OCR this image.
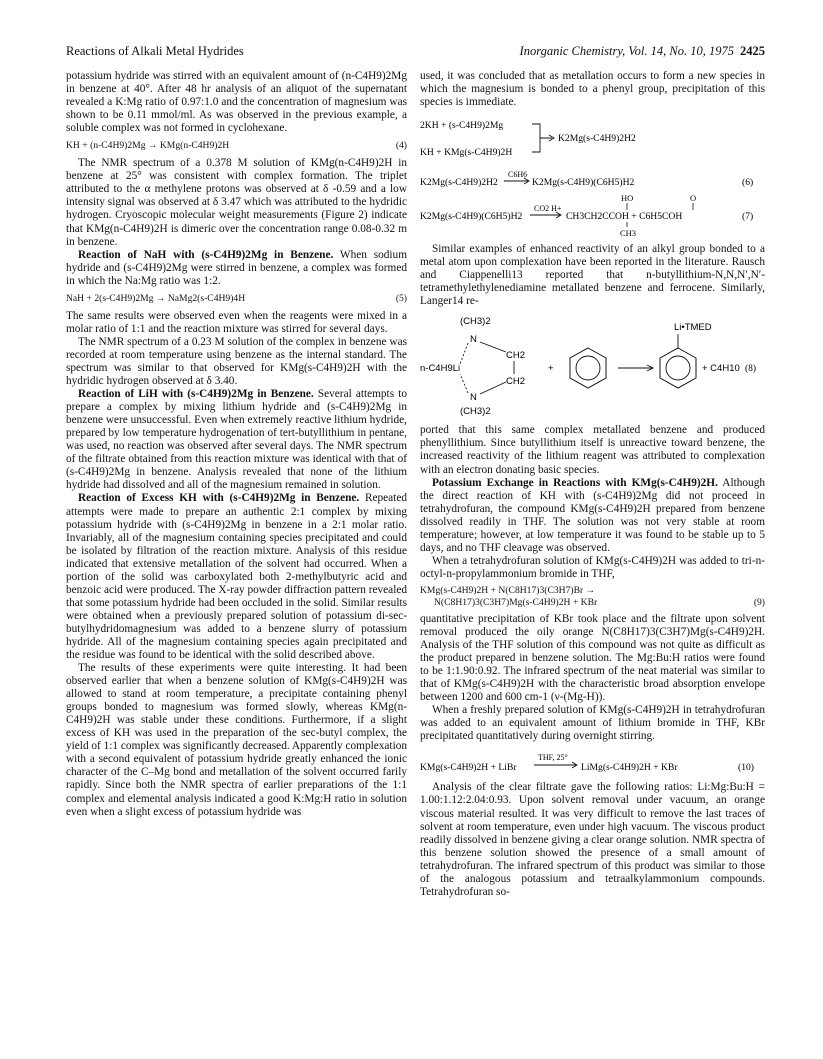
Reactions of Alkali Metal Hydrides	Inorganic Chemistry, Vol. 14, No. 10, 1975 2425

potassium hydride was stirred with an equivalent amount of (n-C4H9)2Mg in benzene at 40°. After 48 hr analysis of an aliquot of the supernatant revealed a K:Mg ratio of 0.97:1.0 and the concentration of magnesium was shown to be 0.11 mmol/ml. As was observed in the previous example, a soluble complex was not formed in cyclohexane.

KH + (n-C4H9)2Mg → KMg(n-C4H9)2H	(4)

The NMR spectrum of a 0.378 M solution of KMg(n-C4H9)2H in benzene at 25° was consistent with complex formation. The triplet attributed to the α methylene protons was observed at δ -0.59 and a low intensity signal was observed at δ 3.47 which was attributed to the hydridic hydrogen. Cryoscopic molecular weight measurements (Figure 2) indicate that KMg(n-C4H9)2H is dimeric over the concentration range 0.08-0.32 m in benzene.

Reaction of NaH with (s-C4H9)2Mg in Benzene. When sodium hydride and (s-C4H9)2Mg were stirred in benzene, a complex was formed in which the Na:Mg ratio was 1:2.

NaH + 2(s-C4H9)2Mg → NaMg2(s-C4H9)4H	(5)

The same results were observed even when the reagents were mixed in a molar ratio of 1:1 and the reaction mixture was stirred for several days.

The NMR spectrum of a 0.23 M solution of the complex in benzene was recorded at room temperature using benzene as the internal standard. The spectrum was similar to that observed for KMg(s-C4H9)2H with the hydridic hydrogen observed at δ 3.40.

Reaction of LiH with (s-C4H9)2Mg in Benzene. Several attempts to prepare a complex by mixing lithium hydride and (s-C4H9)2Mg in benzene were unsuccessful. Even when extremely reactive lithium hydride, prepared by low temperature hydrogenation of tert-butyllithium in pentane, was used, no reaction was observed after several days. The NMR spectrum of the filtrate obtained from this reaction mixture was identical with that of (s-C4H9)2Mg in benzene. Analysis revealed that none of the lithium hydride had dissolved and all of the magnesium remained in solution.

Reaction of Excess KH with (s-C4H9)2Mg in Benzene. Repeated attempts were made to prepare an authentic 2:1 complex by mixing potassium hydride with (s-C4H9)2Mg in benzene in a 2:1 molar ratio. Invariably, all of the magnesium containing species precipitated and could be isolated by filtration of the reaction mixture. Analysis of this residue indicated that extensive metallation of the solvent had occurred. When a portion of the solid was carboxylated both 2-methylbutyric acid and benzoic acid were produced. The X-ray powder diffraction pattern revealed that some potassium hydride had been occluded in the solid. Similar results were obtained when a previously prepared solution of potassium di-sec-butylhydridomagnesium was added to a benzene slurry of potassium hydride. All of the magnesium containing species again precipitated and the residue was found to be identical with the solid described above.

The results of these experiments were quite interesting. It had been observed earlier that when a benzene solution of KMg(s-C4H9)2H was allowed to stand at room temperature, a precipitate containing phenyl groups bonded to magnesium was formed slowly, whereas KMg(n-C4H9)2H was stable under these conditions. Furthermore, if a slight excess of KH was used in the preparation of the sec-butyl complex, the yield of 1:1 complex was significantly decreased. Apparently complexation with a second equivalent of potassium hydride greatly enhanced the ionic character of the C–Mg bond and metallation of the solvent occurred farily rapidly. Since both the NMR spectra of earlier preparations of the 1:1 complex and elemental analysis indicated a good K:Mg:H ratio in solution even when a slight excess of potassium hydride was

used, it was concluded that as metallation occurs to form a new species in which the magnesium is bonded to a phenyl group, precipitation of this species is immediate.

2KH + (s-C4H9)2Mg
KH + KMg(s-C4H9)2H
K2Mg(s-C4H9)2H2
K2Mg(s-C4H9)2H2
C6H6
K2Mg(s-C4H9)(C6H5)H2	(6)
HO	O
K2Mg(s-C4H9)(C6H5)H2
CO2 H+
CH3CH2CCOH + C6H5COH	(7)
CH3

Similar examples of enhanced reactivity of an alkyl group bonded to a metal atom upon complexation have been reported in the literature. Rausch and Ciappenelli13 reported that n-butyllithium-N,N,N′,N′-tetramethylethylenediamine metallated benzene and ferrocene. Similarly, Langer14 re-

(CH3)2
N
N
(CH3)2
n-C4H9Li
CH2
CH2
+
Li•TMED
+ C4H10 (8)

ported that this same complex metallated benzene and produced phenyllithium. Since butyllithium itself is unreactive toward benzene, the increased reactivity of the lithium reagent was attributed to complexation with an electron donating basic species.

Potassium Exchange in Reactions with KMg(s-C4H9)2H. Although the direct reaction of KH with (s-C4H9)2Mg did not proceed in tetrahydrofuran, the compound KMg(s-C4H9)2H prepared from benzene dissolved readily in THF. The solution was not very stable at room temperature; however, at low temperature it was found to be stable up to 5 days, and no THF cleavage was observed.

When a tetrahydrofuran solution of KMg(s-C4H9)2H was added to tri-n-octyl-n-propylammonium bromide in THF,

KMg(s-C4H9)2H + N(C8H17)3(C3H7)Br →
N(C8H17)3(C3H7)Mg(s-C4H9)2H + KBr	(9)

quantitative precipitation of KBr took place and the filtrate upon solvent removal produced the oily orange N(C8H17)3(C3H7)Mg(s-C4H9)2H. Analysis of the THF solution of this compound was not quite as difficult as the product prepared in benzene solution. The Mg:Bu:H ratios were found to be 1:1.90:0.92. The infrared spectrum of the neat material was similar to that of KMg(s-C4H9)2H with the characteristic broad absorption envelope between 1200 and 600 cm-1 (ν-(Mg-H)).

When a freshly prepared solution of KMg(s-C4H9)2H in tetrahydrofuran was added to an equivalent amount of lithium bromide in THF, KBr precipitated quantitatively during overnight stirring.

KMg(s-C4H9)2H + LiBr
THF, 25°
LiMg(s-C4H9)2H + KBr	(10)

Analysis of the clear filtrate gave the following ratios: Li:Mg:Bu:H = 1.00:1.12:2.04:0.93. Upon solvent removal under vacuum, an orange viscous material resulted. It was very difficult to remove the last traces of solvent at room temperature, even under high vacuum. The viscous product readily dissolved in benzene giving a clear orange solution. NMR spectra of this benzene solution showed the presence of a small amount of tetrahydrofuran. The infrared spectrum of this product was similar to those of the analogous potassium and tetraalkylammonium compounds. Tetrahydrofuran so-
